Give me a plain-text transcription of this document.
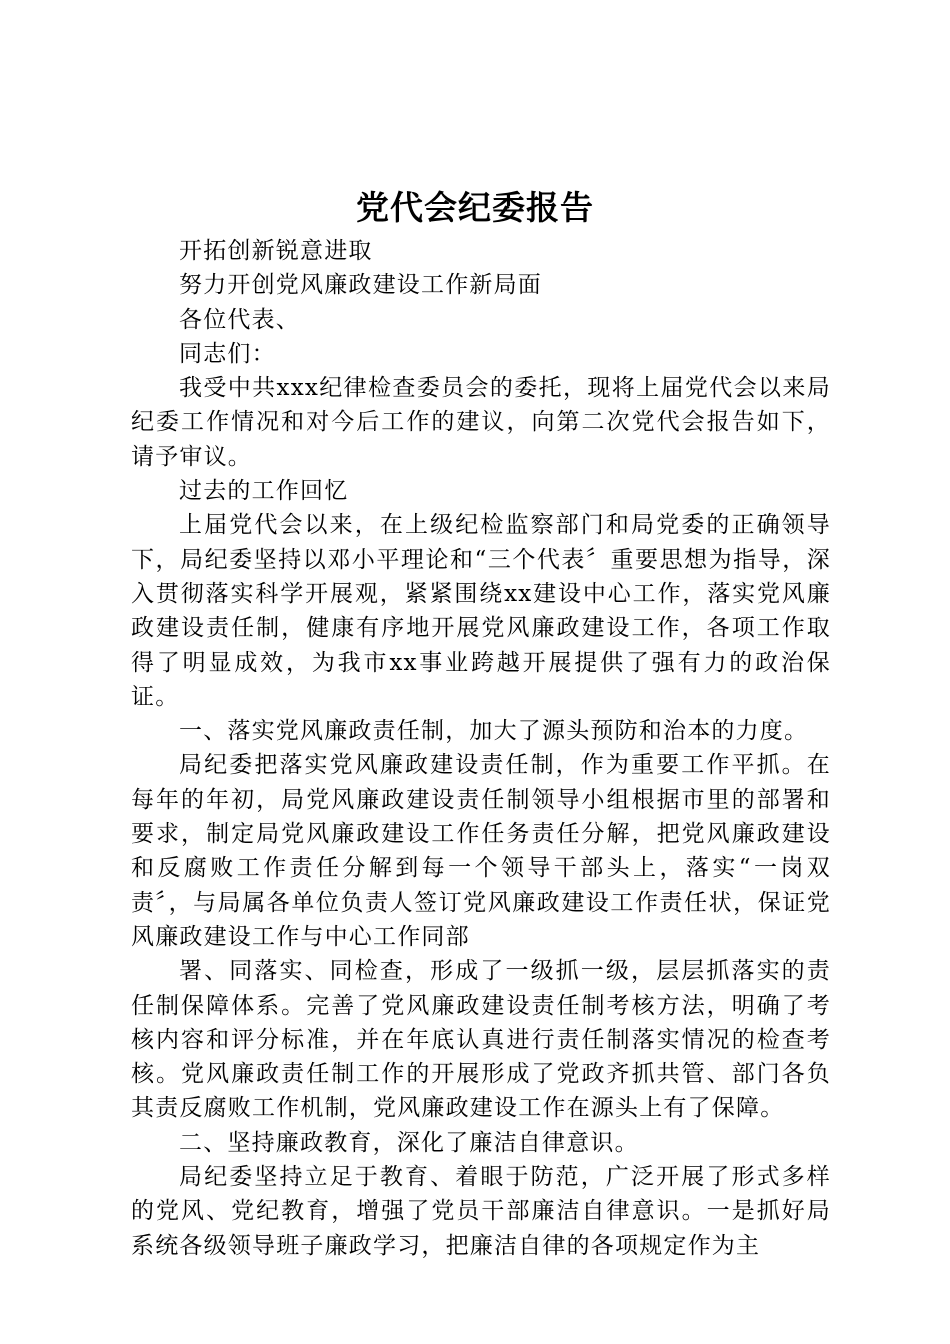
党代会纪委报告

开拓创新锐意进取

努力开创党风廉政建设工作新局面

各位代表、

同志们：

我受中共xxx纪律检查委员会的委托，现将上届党代会以来局纪委工作情况和对今后工作的建议，向第二次党代会报告如下，请予审议。

过去的工作回忆

上届党代会以来，在上级纪检监察部门和局党委的正确领导下，局纪委坚持以邓小平理论和“三个代表〞重要思想为指导，深入贯彻落实科学开展观，紧紧围绕xx建设中心工作，落实党风廉政建设责任制，健康有序地开展党风廉政建设工作，各项工作取得了明显成效，为我市xx事业跨越开展提供了强有力的政治保证。

一、落实党风廉政责任制，加大了源头预防和治本的力度。

局纪委把落实党风廉政建设责任制，作为重要工作平抓。在每年的年初，局党风廉政建设责任制领导小组根据市里的部署和要求，制定局党风廉政建设工作任务责任分解，把党风廉政建设和反腐败工作责任分解到每一个领导干部头上，落实“一岗双责〞，与局属各单位负责人签订党风廉政建设工作责任状，保证党风廉政建设工作与中心工作同部

署、同落实、同检查，形成了一级抓一级，层层抓落实的责任制保障体系。完善了党风廉政建设责任制考核方法，明确了考核内容和评分标准，并在年底认真进行责任制落实情况的检查考核。党风廉政责任制工作的开展形成了党政齐抓共管、部门各负其责反腐败工作机制，党风廉政建设工作在源头上有了保障。

二、坚持廉政教育，深化了廉洁自律意识。

局纪委坚持立足于教育、着眼于防范，广泛开展了形式多样的党风、党纪教育，增强了党员干部廉洁自律意识。一是抓好局系统各级领导班子廉政学习，把廉洁自律的各项规定作为主
